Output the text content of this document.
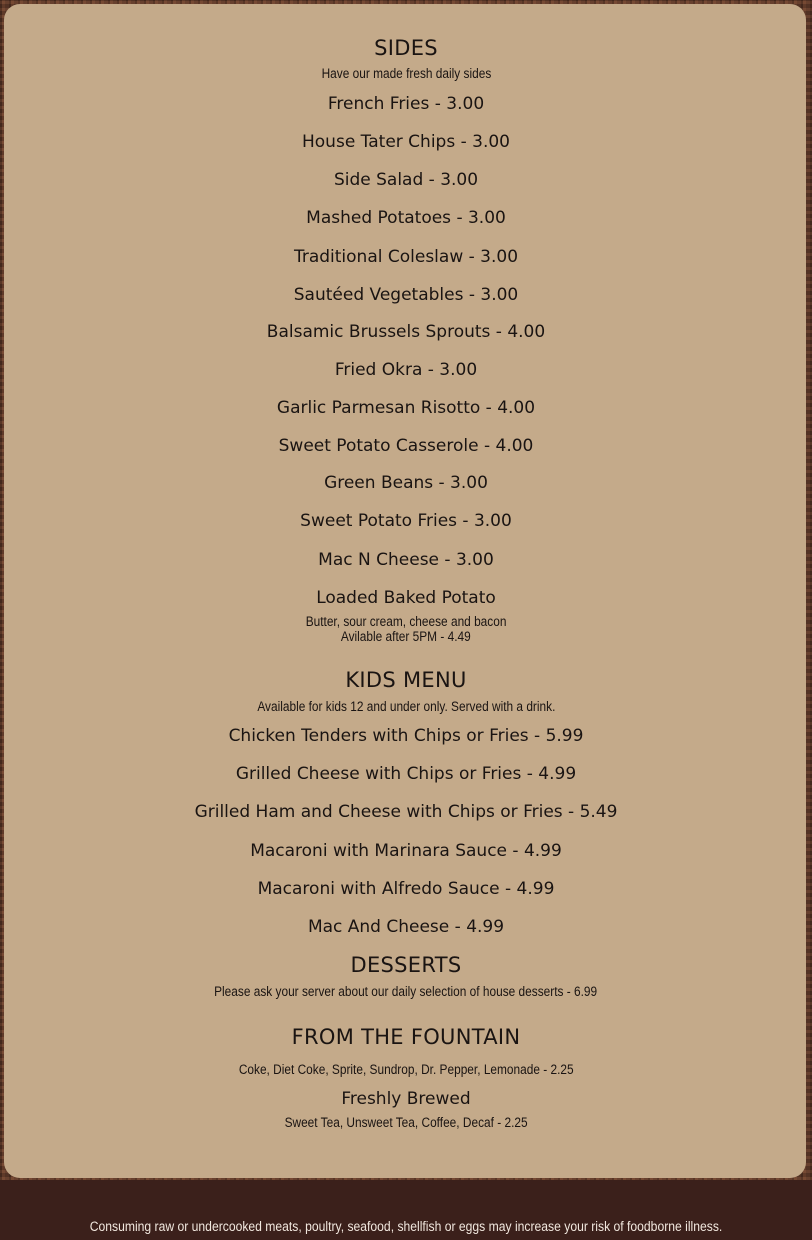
SIDES
Have our made fresh daily sides
French Fries - 3.00
House Tater Chips - 3.00
Side Salad - 3.00
Mashed Potatoes - 3.00
Traditional Coleslaw - 3.00
Sautéed Vegetables - 3.00
Balsamic Brussels Sprouts - 4.00
Fried Okra - 3.00
Garlic Parmesan Risotto - 4.00
Sweet Potato Casserole - 4.00
Green Beans - 3.00
Sweet Potato Fries - 3.00
Mac N Cheese - 3.00
Loaded Baked Potato
Butter, sour cream, cheese and bacon
Avilable after 5PM - 4.49
KIDS MENU
Available for kids 12 and under only. Served with a drink.
Chicken Tenders with Chips or Fries - 5.99
Grilled Cheese with Chips or Fries - 4.99
Grilled Ham and Cheese with Chips or Fries - 5.49
Macaroni with Marinara Sauce - 4.99
Macaroni with Alfredo Sauce - 4.99
Mac And Cheese - 4.99
DESSERTS
Please ask your server about our daily selection of house desserts - 6.99
FROM THE FOUNTAIN
Coke, Diet Coke, Sprite, Sundrop, Dr. Pepper, Lemonade - 2.25
Freshly Brewed
Sweet Tea, Unsweet Tea, Coffee, Decaf - 2.25
Consuming raw or undercooked meats, poultry, seafood, shellfish or eggs may increase your risk of foodborne illness.
